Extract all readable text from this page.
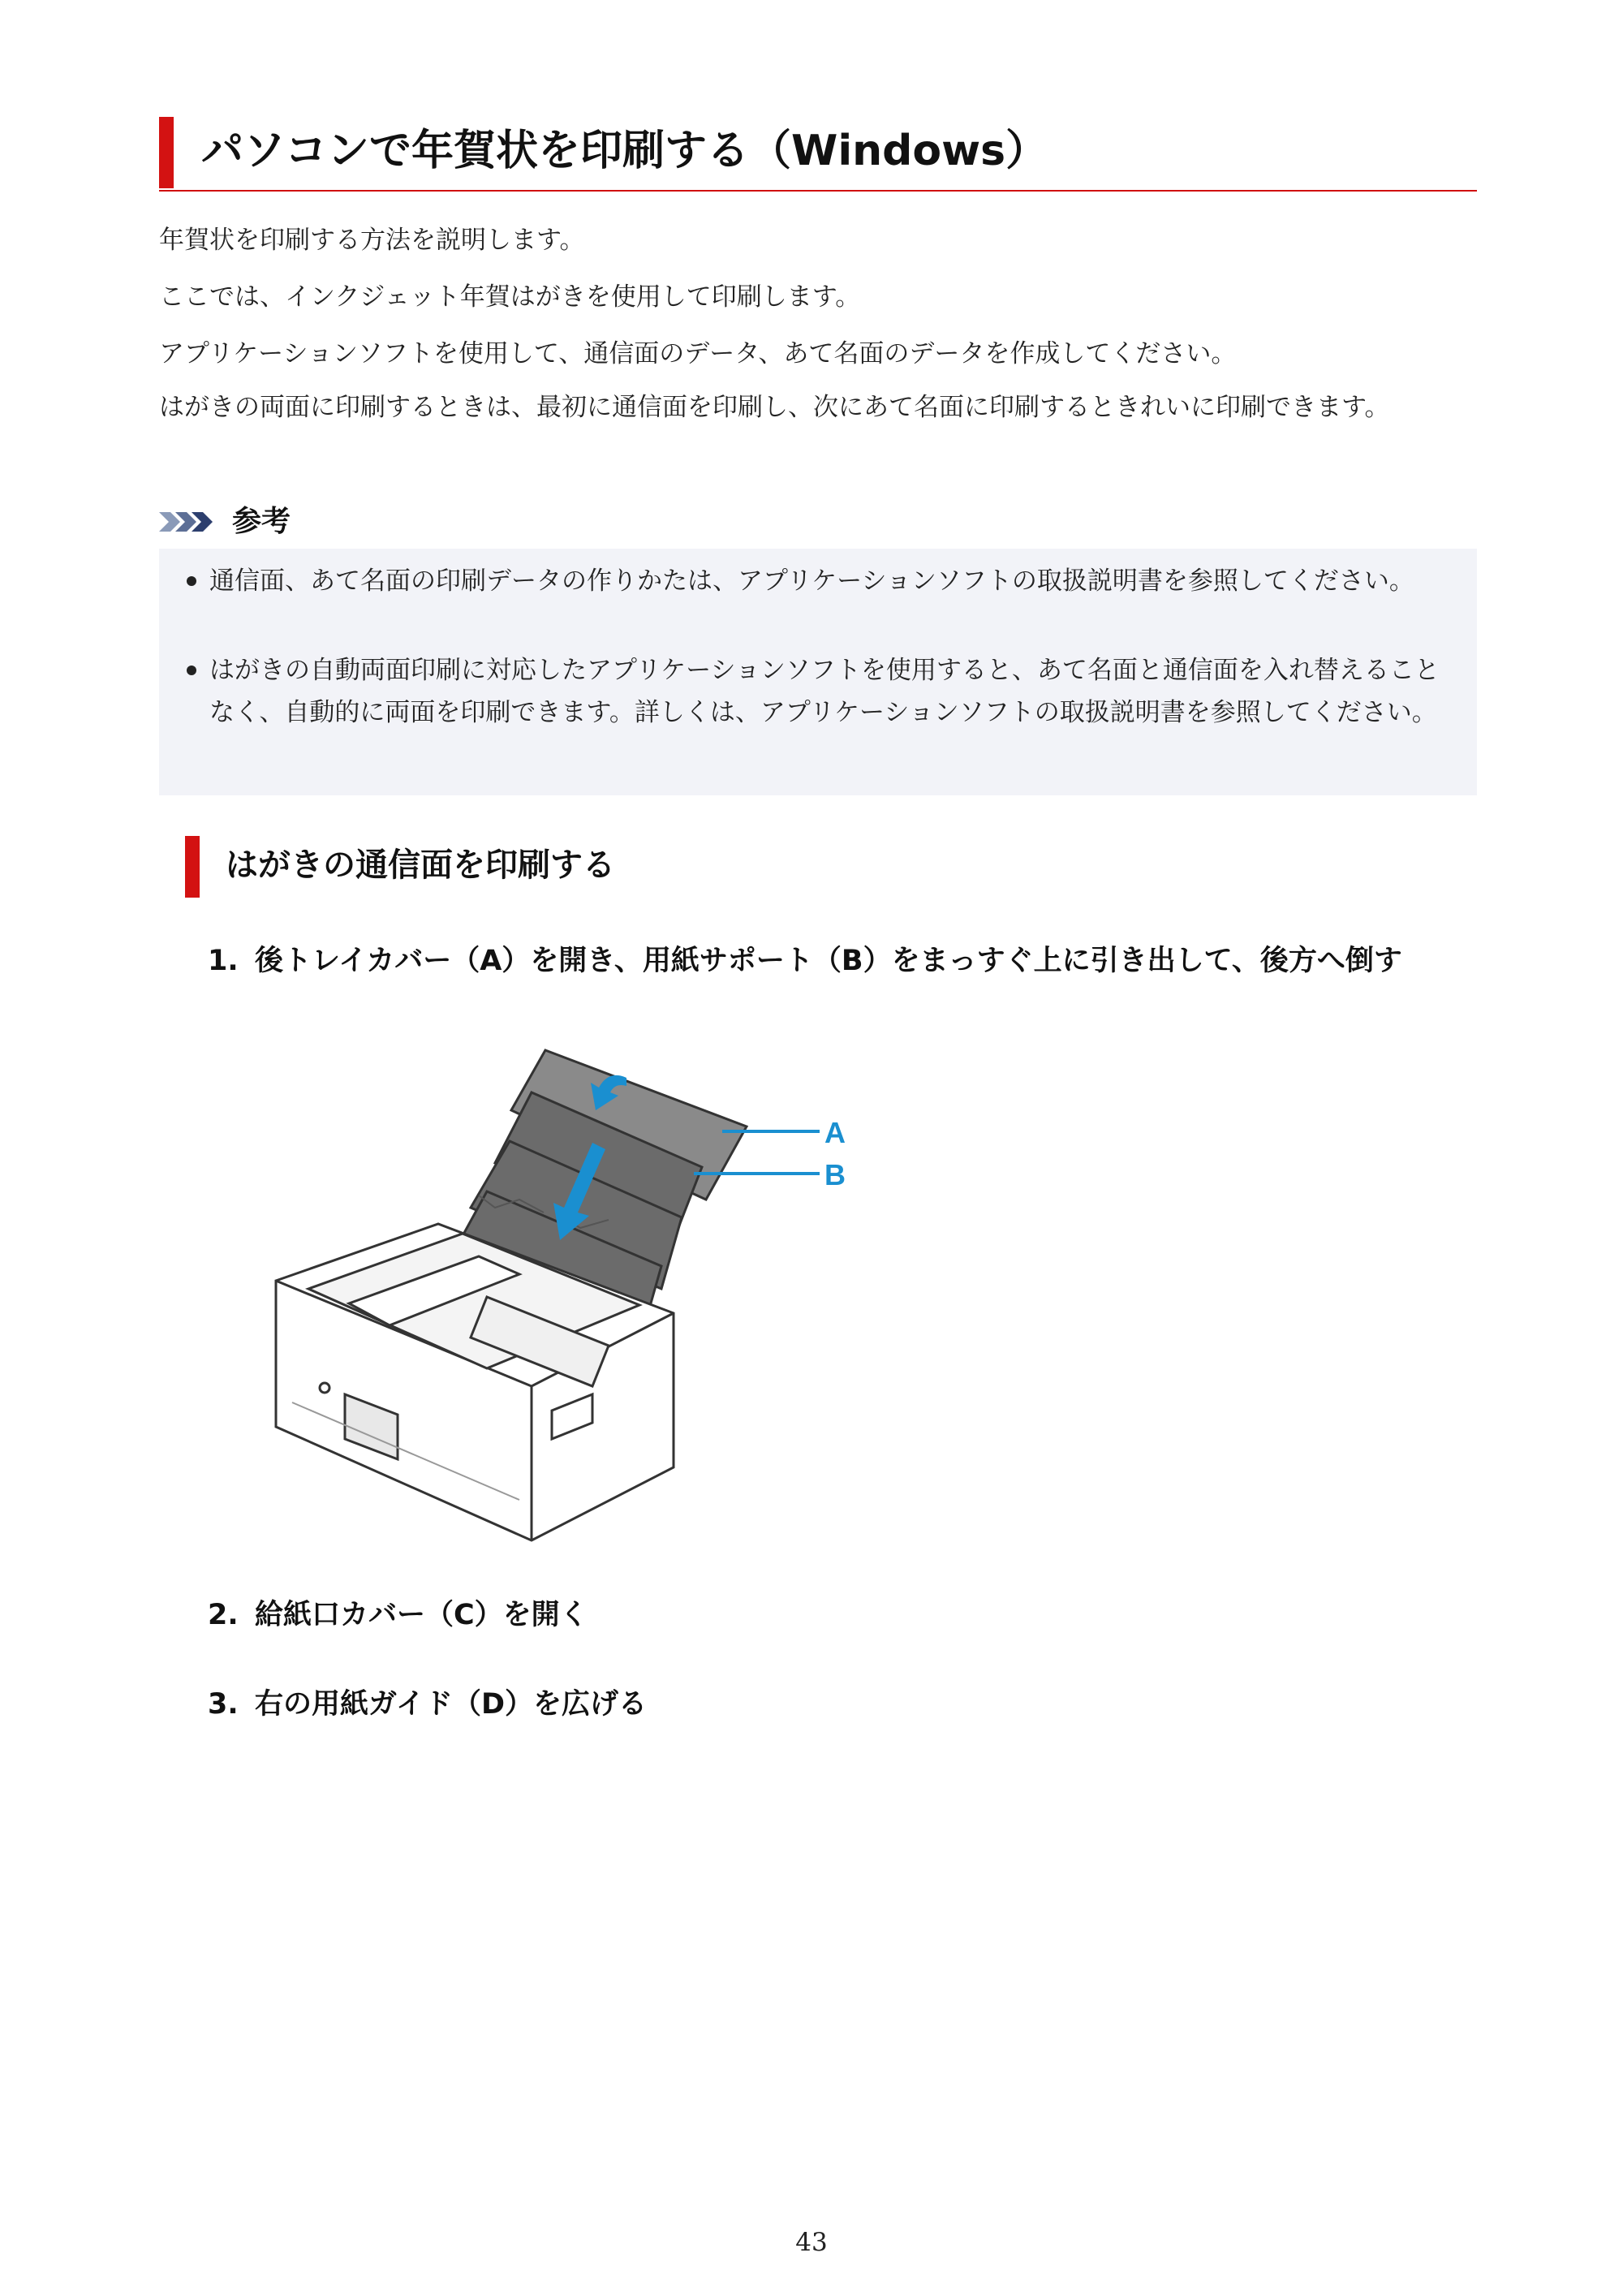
パソコンで年賀状を印刷する（Windows）
年賀状を印刷する方法を説明します。
ここでは、インクジェット年賀はがきを使用して印刷します。
アプリケーションソフトを使用して、通信面のデータ、あて名面のデータを作成してください。
はがきの両面に印刷するときは、最初に通信面を印刷し、次にあて名面に印刷するときれいに印刷できます。
参考
通信面、あて名面の印刷データの作りかたは、アプリケーションソフトの取扱説明書を参照してください。
はがきの自動両面印刷に対応したアプリケーションソフトを使用すると、あて名面と通信面を入れ替えることなく、自動的に両面を印刷できます。詳しくは、アプリケーションソフトの取扱説明書を参照してください。
はがきの通信面を印刷する
1. 後トレイカバー（A）を開き、用紙サポート（B）をまっすぐ上に引き出して、後方へ倒す
A
B
2. 給紙口カバー（C）を開く
3. 右の用紙ガイド（D）を広げる
43
